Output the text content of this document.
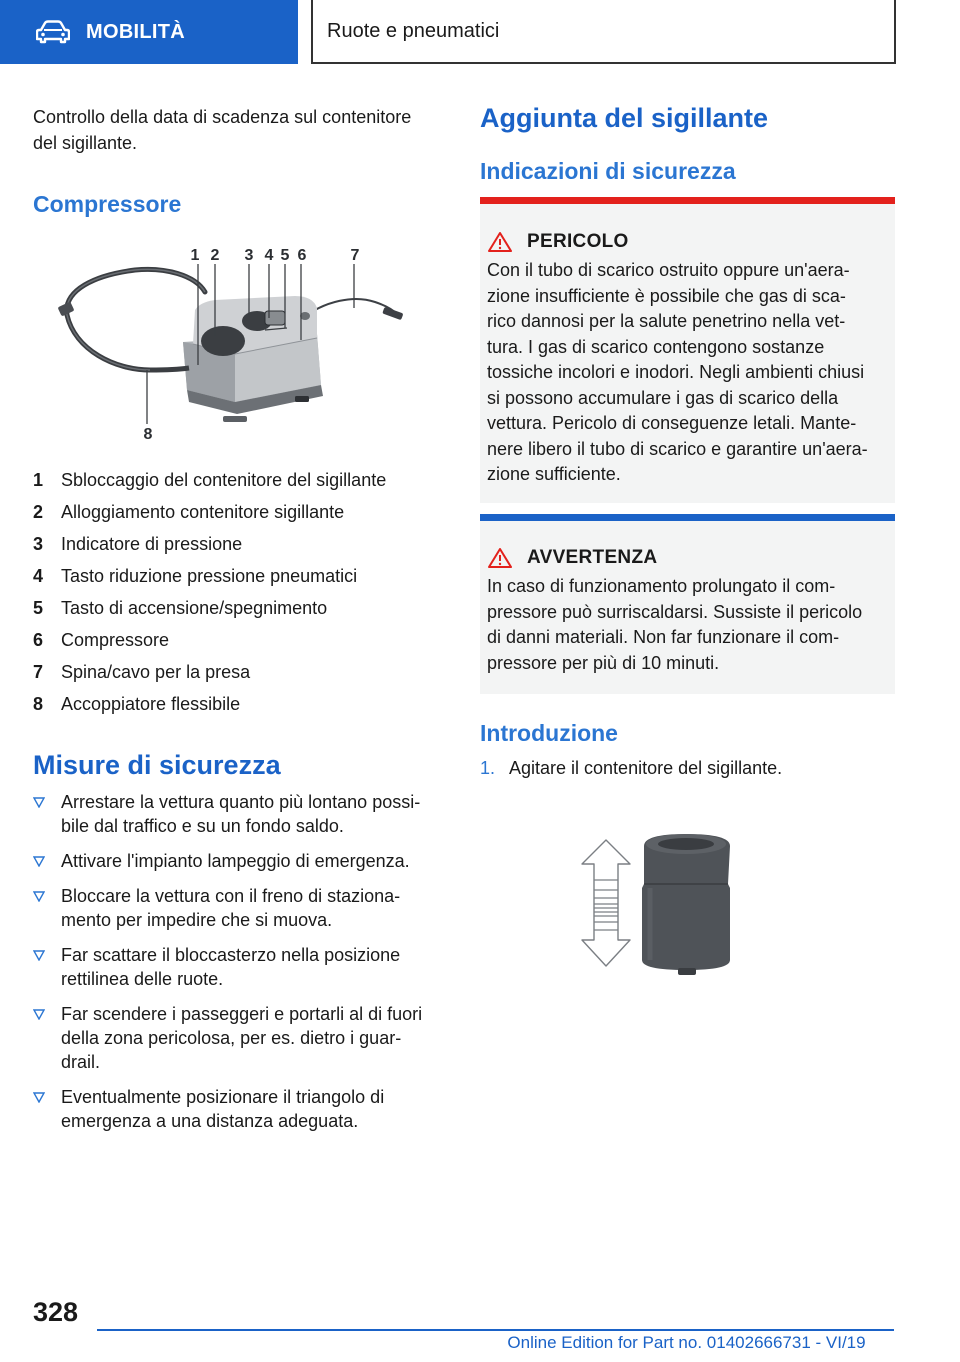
MOBILITÀ	Ruote e pneumatici
Controllo della data di scadenza sul contenitore
del sigillante.
Compressore
1 2 3 4 5 6	7
8
1 Sbloccaggio del contenitore del sigillante
2 Alloggiamento contenitore sigillante
3 Indicatore di pressione
4 Tasto riduzione pressione pneumatici
5 Tasto di accensione/spegnimento
6 Compressore
7 Spina/cavo per la presa
8 Accoppiatore flessibile
Misure di sicurezza
Arrestare la vettura quanto più lontano possi-
bile dal traffico e su un fondo saldo.
Attivare l'impianto lampeggio di emergenza.
Bloccare la vettura con il freno di staziona-
mento per impedire che si muova.
Far scattare il bloccasterzo nella posizione
rettilinea delle ruote.
Far scendere i passeggeri e portarli al di fuori
della zona pericolosa, per es. dietro i guar-
drail.
Eventualmente posizionare il triangolo di
emergenza a una distanza adeguata.
Aggiunta del sigillante
Indicazioni di sicurezza
PERICOLO
Con il tubo di scarico ostruito oppure un'aera-
zione insufficiente è possibile che gas di sca-
rico dannosi per la salute penetrino nella vet-
tura. I gas di scarico contengono sostanze
tossiche incolori e inodori. Negli ambienti chiusi
si possono accumulare i gas di scarico della
vettura. Pericolo di conseguenze letali. Mante-
nere libero il tubo di scarico e garantire un'aera-
zione sufficiente.
AVVERTENZA
In caso di funzionamento prolungato il com-
pressore può surriscaldarsi. Sussiste il pericolo
di danni materiali. Non far funzionare il com-
pressore per più di 10 minuti.
Introduzione
1. Agitare il contenitore del sigillante.
328
Online Edition for Part no. 01402666731 - VI/19
